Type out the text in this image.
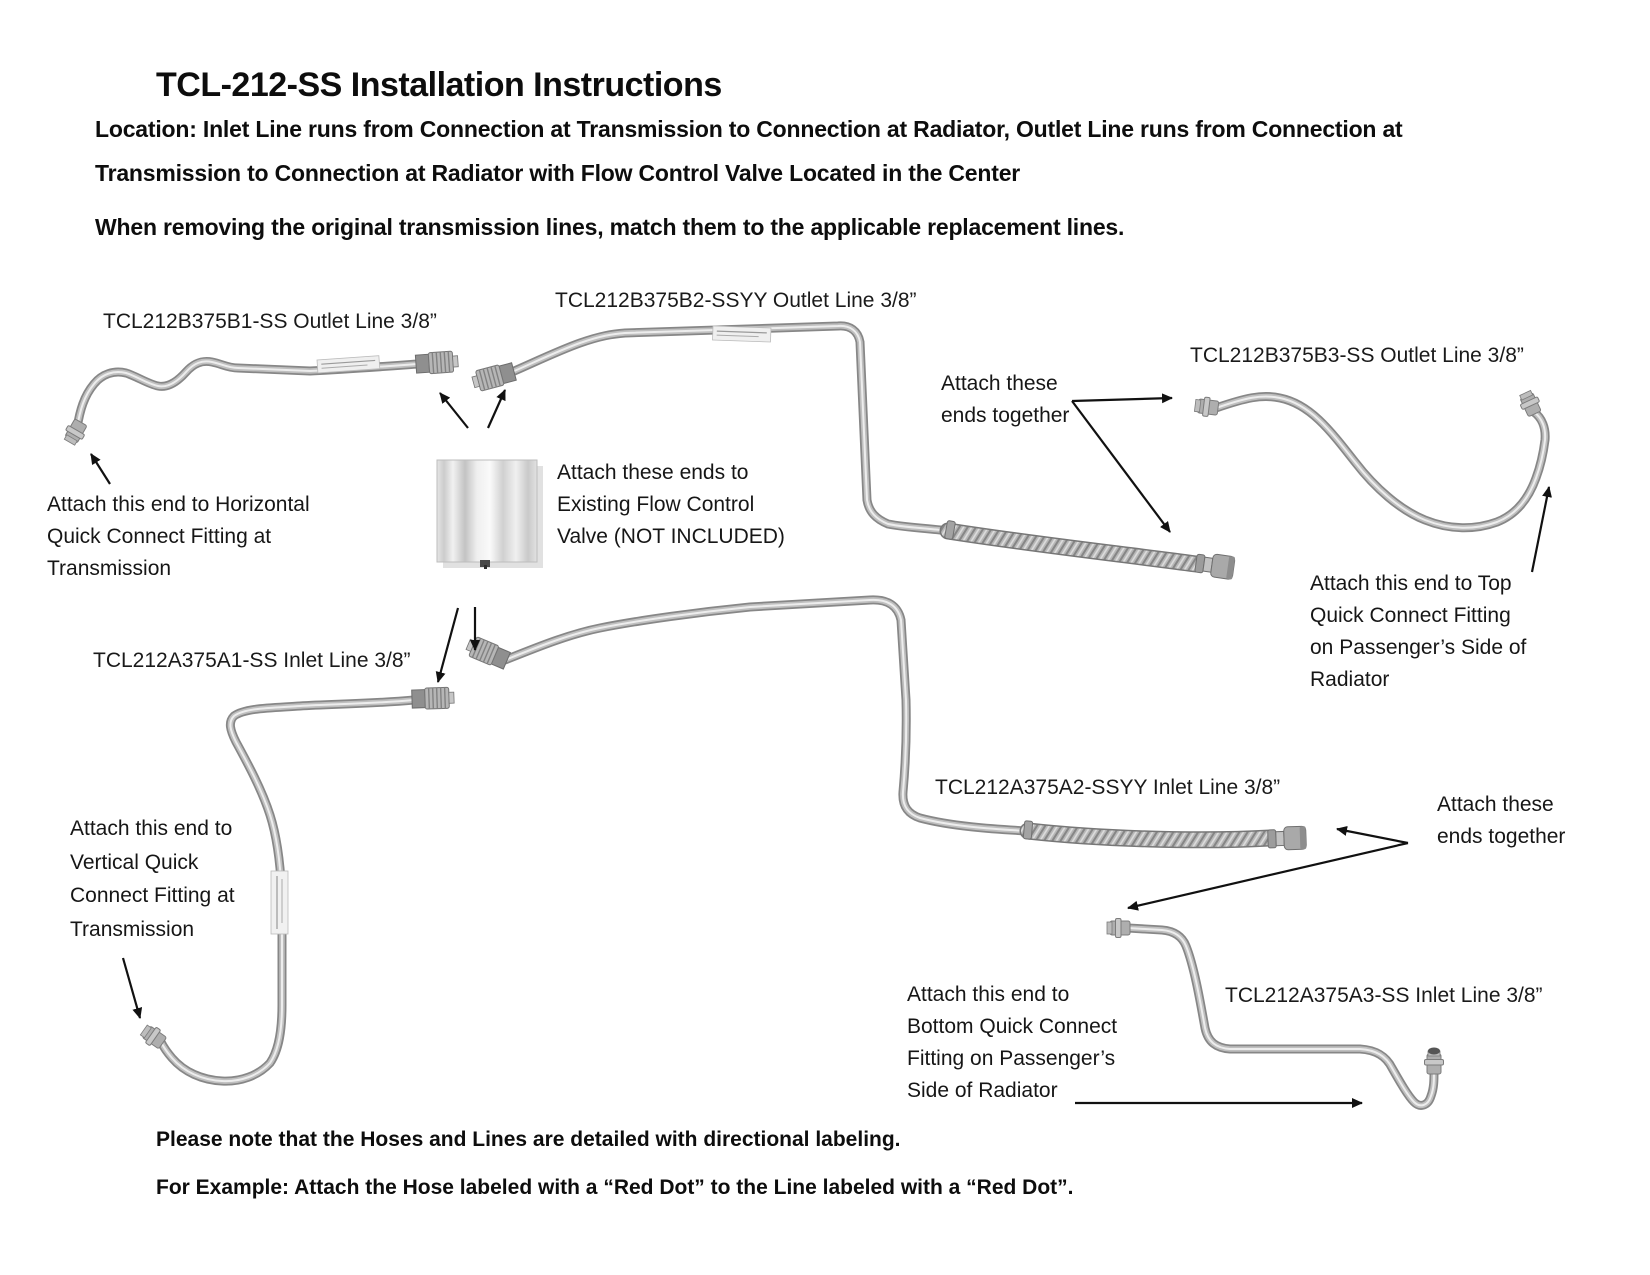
TCL-212-SS Installation Instructions
Location: Inlet Line runs from Connection at Transmission to Connection at Radiator, Outlet Line runs from Connection at
Transmission to Connection at Radiator with Flow Control Valve Located in the Center
When removing the original transmission lines, match them to the applicable replacement lines.
TCL212B375B1-SS Outlet Line 3/8”
TCL212B375B2-SSYY Outlet Line 3/8”
TCL212B375B3-SS Outlet Line 3/8”
TCL212A375A1-SS Inlet Line 3/8”
TCL212A375A2-SSYY Inlet Line 3/8”
TCL212A375A3-SS Inlet Line 3/8”
Attach this end to Horizontal
Quick Connect Fitting at
Transmission
Attach these ends to
Existing Flow Control
Valve (NOT INCLUDED)
Attach these
ends together
Attach this end to Top
Quick Connect Fitting
on Passenger’s Side of
Radiator
Attach this end to
Vertical Quick
Connect Fitting at
Transmission
Attach these
ends together
Attach this end to
Bottom Quick Connect
Fitting on Passenger’s
Side of Radiator
Please note that the Hoses and Lines are detailed with directional labeling.
For Example: Attach the Hose labeled with a “Red Dot” to the Line labeled with a “Red Dot”.
